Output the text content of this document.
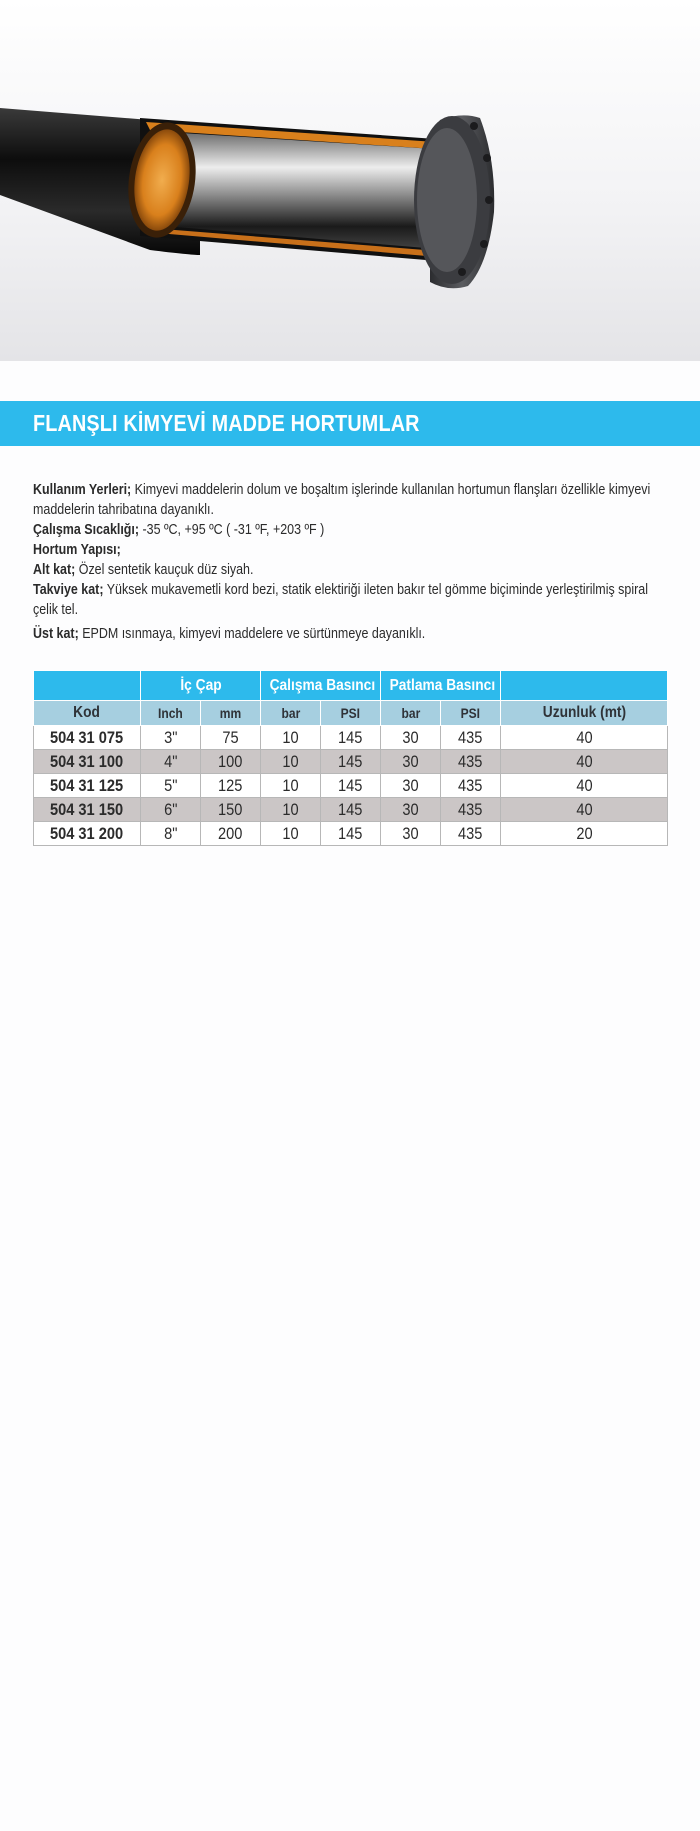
FLANŞLI KİMYEVİ MADDE HORTUMLAR

Kullanım Yerleri; Kimyevi maddelerin dolum ve boşaltım işlerinde kullanılan hortumun flanşları özellikle kimyevi maddelerin tahribatına dayanıklı.

Çalışma Sıcaklığı; -35 ºC, +95 ºC ( -31 ºF, +203 ºF )

Hortum Yapısı;

Alt kat; Özel sentetik kauçuk düz siyah.

Takviye kat; Yüksek mukavemetli kord bezi, statik elektiriği ileten bakır tel gömme biçiminde yerleştirilmiş spiral çelik tel.

Üst kat; EPDM ısınmaya, kimyevi maddelere ve sürtünmeye dayanıklı.

	İç Çap		Çalışma Basıncı		Patlama Basıncı		
Kod	Inch	mm	bar	PSI	bar	PSI	Uzunluk (mt)
504 31 075	3"	75	10	145	30	435	40
504 31 100	4"	100	10	145	30	435	40
504 31 125	5"	125	10	145	30	435	40
504 31 150	6"	150	10	145	30	435	40
504 31 200	8"	200	10	145	30	435	20
